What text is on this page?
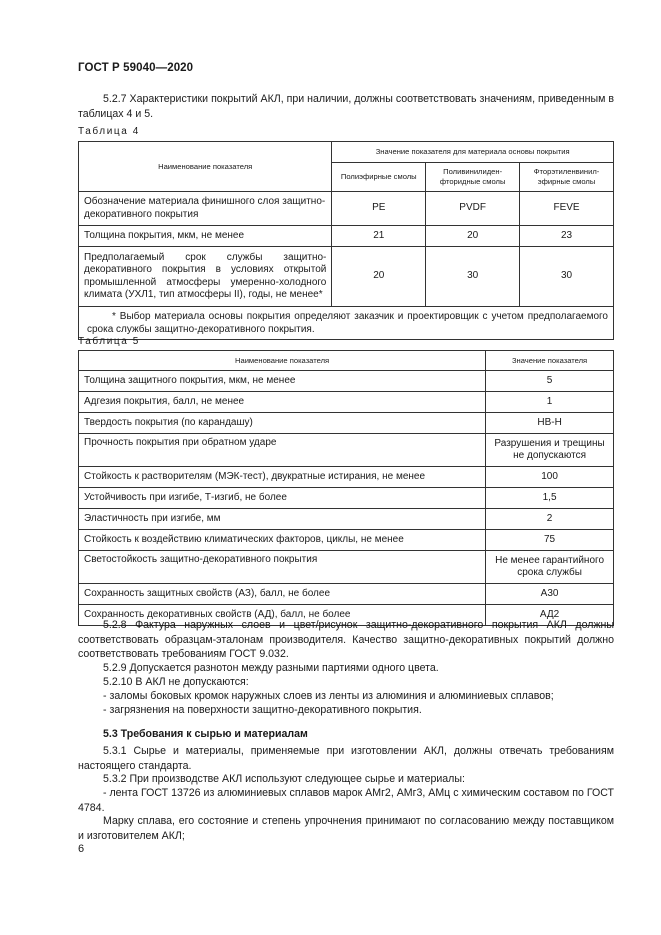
ГОСТ Р 59040—2020
5.2.7 Характеристики покрытий АКЛ, при наличии, должны соответствовать значениям, приведенным в таблицах 4 и 5.
Таблица 4
Наименование показателя	Значение показателя для материала основы покрытия		
	Полиэфирные смолы	Поливинилиден- фторидные смолы	Фторэтиленвинил- эфирные смолы
Обозначение материала финишного слоя защитно-декоративного покрытия	PE	PVDF	FEVE
Толщина покрытия, мкм, не менее	21	20	23
Предполагаемый срок службы защитно-декоративного покрытия в условиях открытой промышленной атмосферы умеренно-холодного климата (УХЛ1, тип атмосферы II), годы, не менее*	20	30	30
* Выбор материала основы покрытия определяют заказчик и проектировщик с учетом предполагаемого срока службы защитно-декоративного покрытия.			
Таблица 5
Наименование показателя	Значение показателя
Толщина защитного покрытия, мкм, не менее	5
Адгезия покрытия, балл, не менее	1
Твердость покрытия (по карандашу)	HB-H
Прочность покрытия при обратном ударе	Разрушения и трещины не допускаются
Стойкость к растворителям (МЭК-тест), двукратные истирания, не менее	100
Устойчивость при изгибе, Т-изгиб, не более	1,5
Эластичность при изгибе, мм	2
Стойкость к воздействию климатических факторов, циклы, не менее	75
Светостойкость защитно-декоративного покрытия	Не менее гарантийного срока службы
Сохранность защитных свойств (АЗ), балл, не более	А30
Сохранность декоративных свойств (АД), балл, не более	АД2
5.2.8 Фактура наружных слоев и цвет/рисунок защитно-декоративного покрытия АКЛ должны соответствовать образцам-эталонам производителя. Качество защитно-декоративных покрытий должно соответствовать требованиям ГОСТ 9.032.
5.2.9 Допускается разнотон между разными партиями одного цвета.
5.2.10 В АКЛ не допускаются:
- заломы боковых кромок наружных слоев из ленты из алюминия и алюминиевых сплавов;
- загрязнения на поверхности защитно-декоративного покрытия.
5.3 Требования к сырью и материалам
5.3.1 Сырье и материалы, применяемые при изготовлении АКЛ, должны отвечать требованиям настоящего стандарта.
5.3.2 При производстве АКЛ используют следующее сырье и материалы:
- лента ГОСТ 13726 из алюминиевых сплавов марок АМг2, АМг3, АМц с химическим составом по ГОСТ 4784.
Марку сплава, его состояние и степень упрочнения принимают по согласованию между поставщиком и изготовителем АКЛ;
6
